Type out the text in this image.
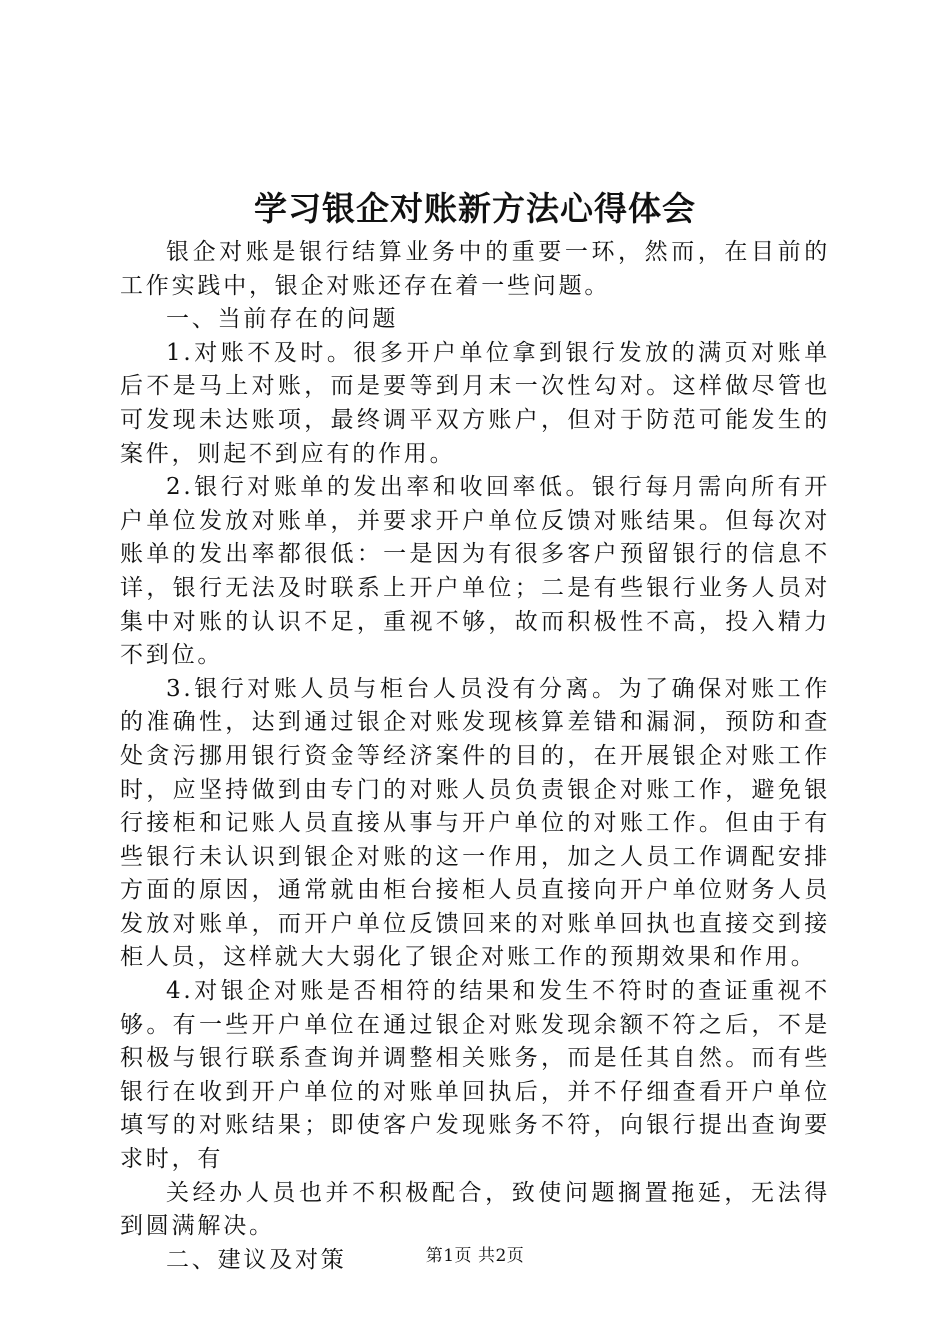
学习银企对账新方法心得体会

银企对账是银行结算业务中的重要一环，然而，在目前的工作实践中，银企对账还存在着一些问题。

一、当前存在的问题

1.对账不及时。很多开户单位拿到银行发放的满页对账单后不是马上对账，而是要等到月末一次性勾对。这样做尽管也可发现未达账项，最终调平双方账户，但对于防范可能发生的案件，则起不到应有的作用。

2.银行对账单的发出率和收回率低。银行每月需向所有开户单位发放对账单，并要求开户单位反馈对账结果。但每次对账单的发出率都很低：一是因为有很多客户预留银行的信息不详，银行无法及时联系上开户单位；二是有些银行业务人员对集中对账的认识不足，重视不够，故而积极性不高，投入精力不到位。

3.银行对账人员与柜台人员没有分离。为了确保对账工作的准确性，达到通过银企对账发现核算差错和漏洞，预防和查处贪污挪用银行资金等经济案件的目的，在开展银企对账工作时，应坚持做到由专门的对账人员负责银企对账工作，避免银行接柜和记账人员直接从事与开户单位的对账工作。但由于有些银行未认识到银企对账的这一作用，加之人员工作调配安排方面的原因，通常就由柜台接柜人员直接向开户单位财务人员发放对账单，而开户单位反馈回来的对账单回执也直接交到接柜人员，这样就大大弱化了银企对账工作的预期效果和作用。

4.对银企对账是否相符的结果和发生不符时的查证重视不够。有一些开户单位在通过银企对账发现余额不符之后，不是积极与银行联系查询并调整相关账务，而是任其自然。而有些银行在收到开户单位的对账单回执后，并不仔细查看开户单位填写的对账结果；即使客户发现账务不符，向银行提出查询要求时，有

关经办人员也并不积极配合，致使问题搁置拖延，无法得到圆满解决。

二、建议及对策	第1页 共2页
